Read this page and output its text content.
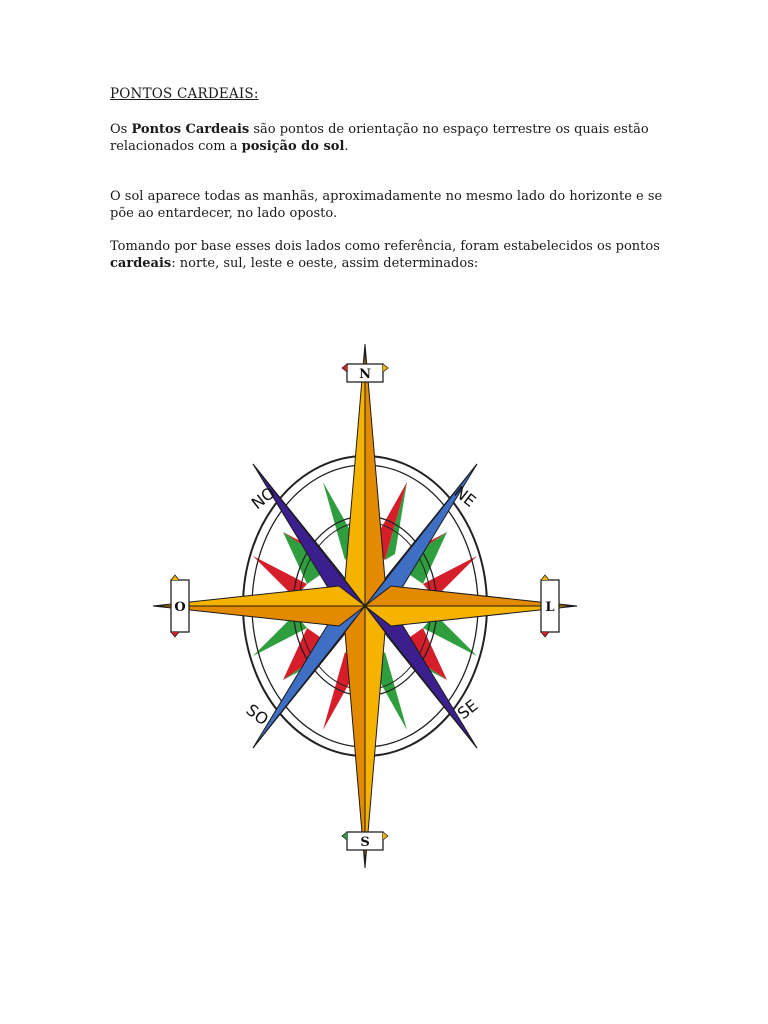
PONTOS CARDEAIS:
Os Pontos Cardeais são pontos de orientação no espaço terrestre os quais estão relacionados com a posição do sol.
O sol aparece todas as manhãs, aproximadamente no mesmo lado do horizonte e se põe ao entardecer, no lado oposto.
Tomando por base esses dois lados como referência, foram estabelecidos os pontos cardeais: norte, sul, leste e oeste, assim determinados:
N
S
O	L
NO	NE
SO	SE
